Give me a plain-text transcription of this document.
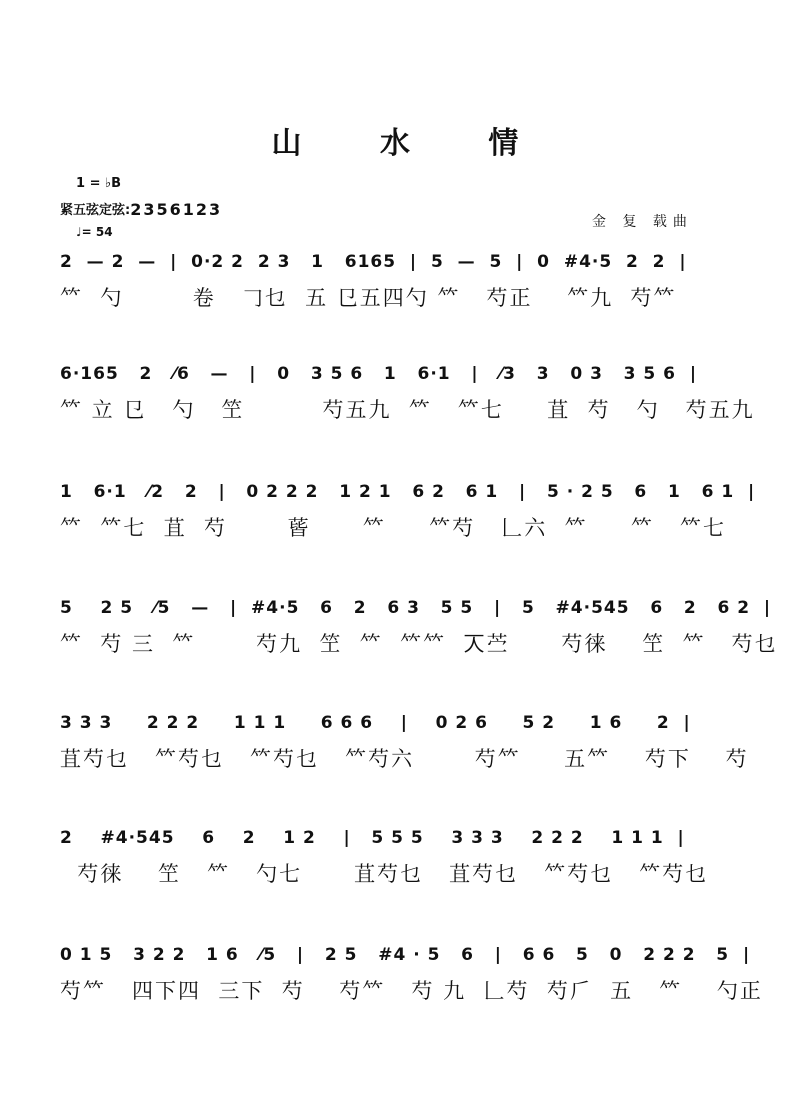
山 水 情
1 = ♭B
紧五弦定弦:2356123
♩= 54
金 复 载曲
2  — 2  —  |  0·2 2  2 3   1   6165  |  5  —  5  |  0  #4·5  2  2  |
𥫗  勺        卷   𠃌乜  五 㔾五四勺 𥫗   芍正    𥫗九  芍𥫗
6·165   2   ⁄6   —   |   0   3 5 6   1   6·1   |   ⁄3   3   0 3   3 5 6  |
𥫗 立 㔾   勺   笁         芍五九  𥫗   𥫗七     苴  芍   勺   芍五九
1   6·1   ⁄2   2   |   0 2 2 2   1 2 1   6 2   6 1   |   5 · 2 5   6   1   6 1  |
𥫗  𥫗七  苴  芍       蒈      𥫗     𥫗芍   𠃊六  𥫗     𥫗   𥫗七
5    2 5   ⁄5   —   |  #4·5   6   2   6 3   5 5   |   5   #4·545   6   2   6 2  |
𥫗  芍 三  𥫗       芍九  笁  𥫗  𥫗𥫗  𠆣苎      芍徕    笁  𥫗   芍乜
3 3 3     2 2 2     1 1 1     6 6 6    |    0 2 6     5 2     1 6     2  |
苴芍乜   𥫗芍乜   𥫗芍乜   𥫗芍六       芍𥫗     五𥫗    芍下    芍
2    #4·545    6    2    1 2    |   5 5 5    3 3 3    2 2 2    1 1 1  |
芍徕    笁   𥫗   勺七      苴芍乜   苴芍乜   𥫗芍乜   𥫗芍乜
0 1 5   3 2 2   1 6   ⁄5   |   2 5   #4 · 5   6   |   6 6   5   0   2 2 2   5  |
芍𥫗   四下四  三下  芍    芍𥫗   芍 九  𠃊芍  芍𠂆  五   𥫗    勺正
